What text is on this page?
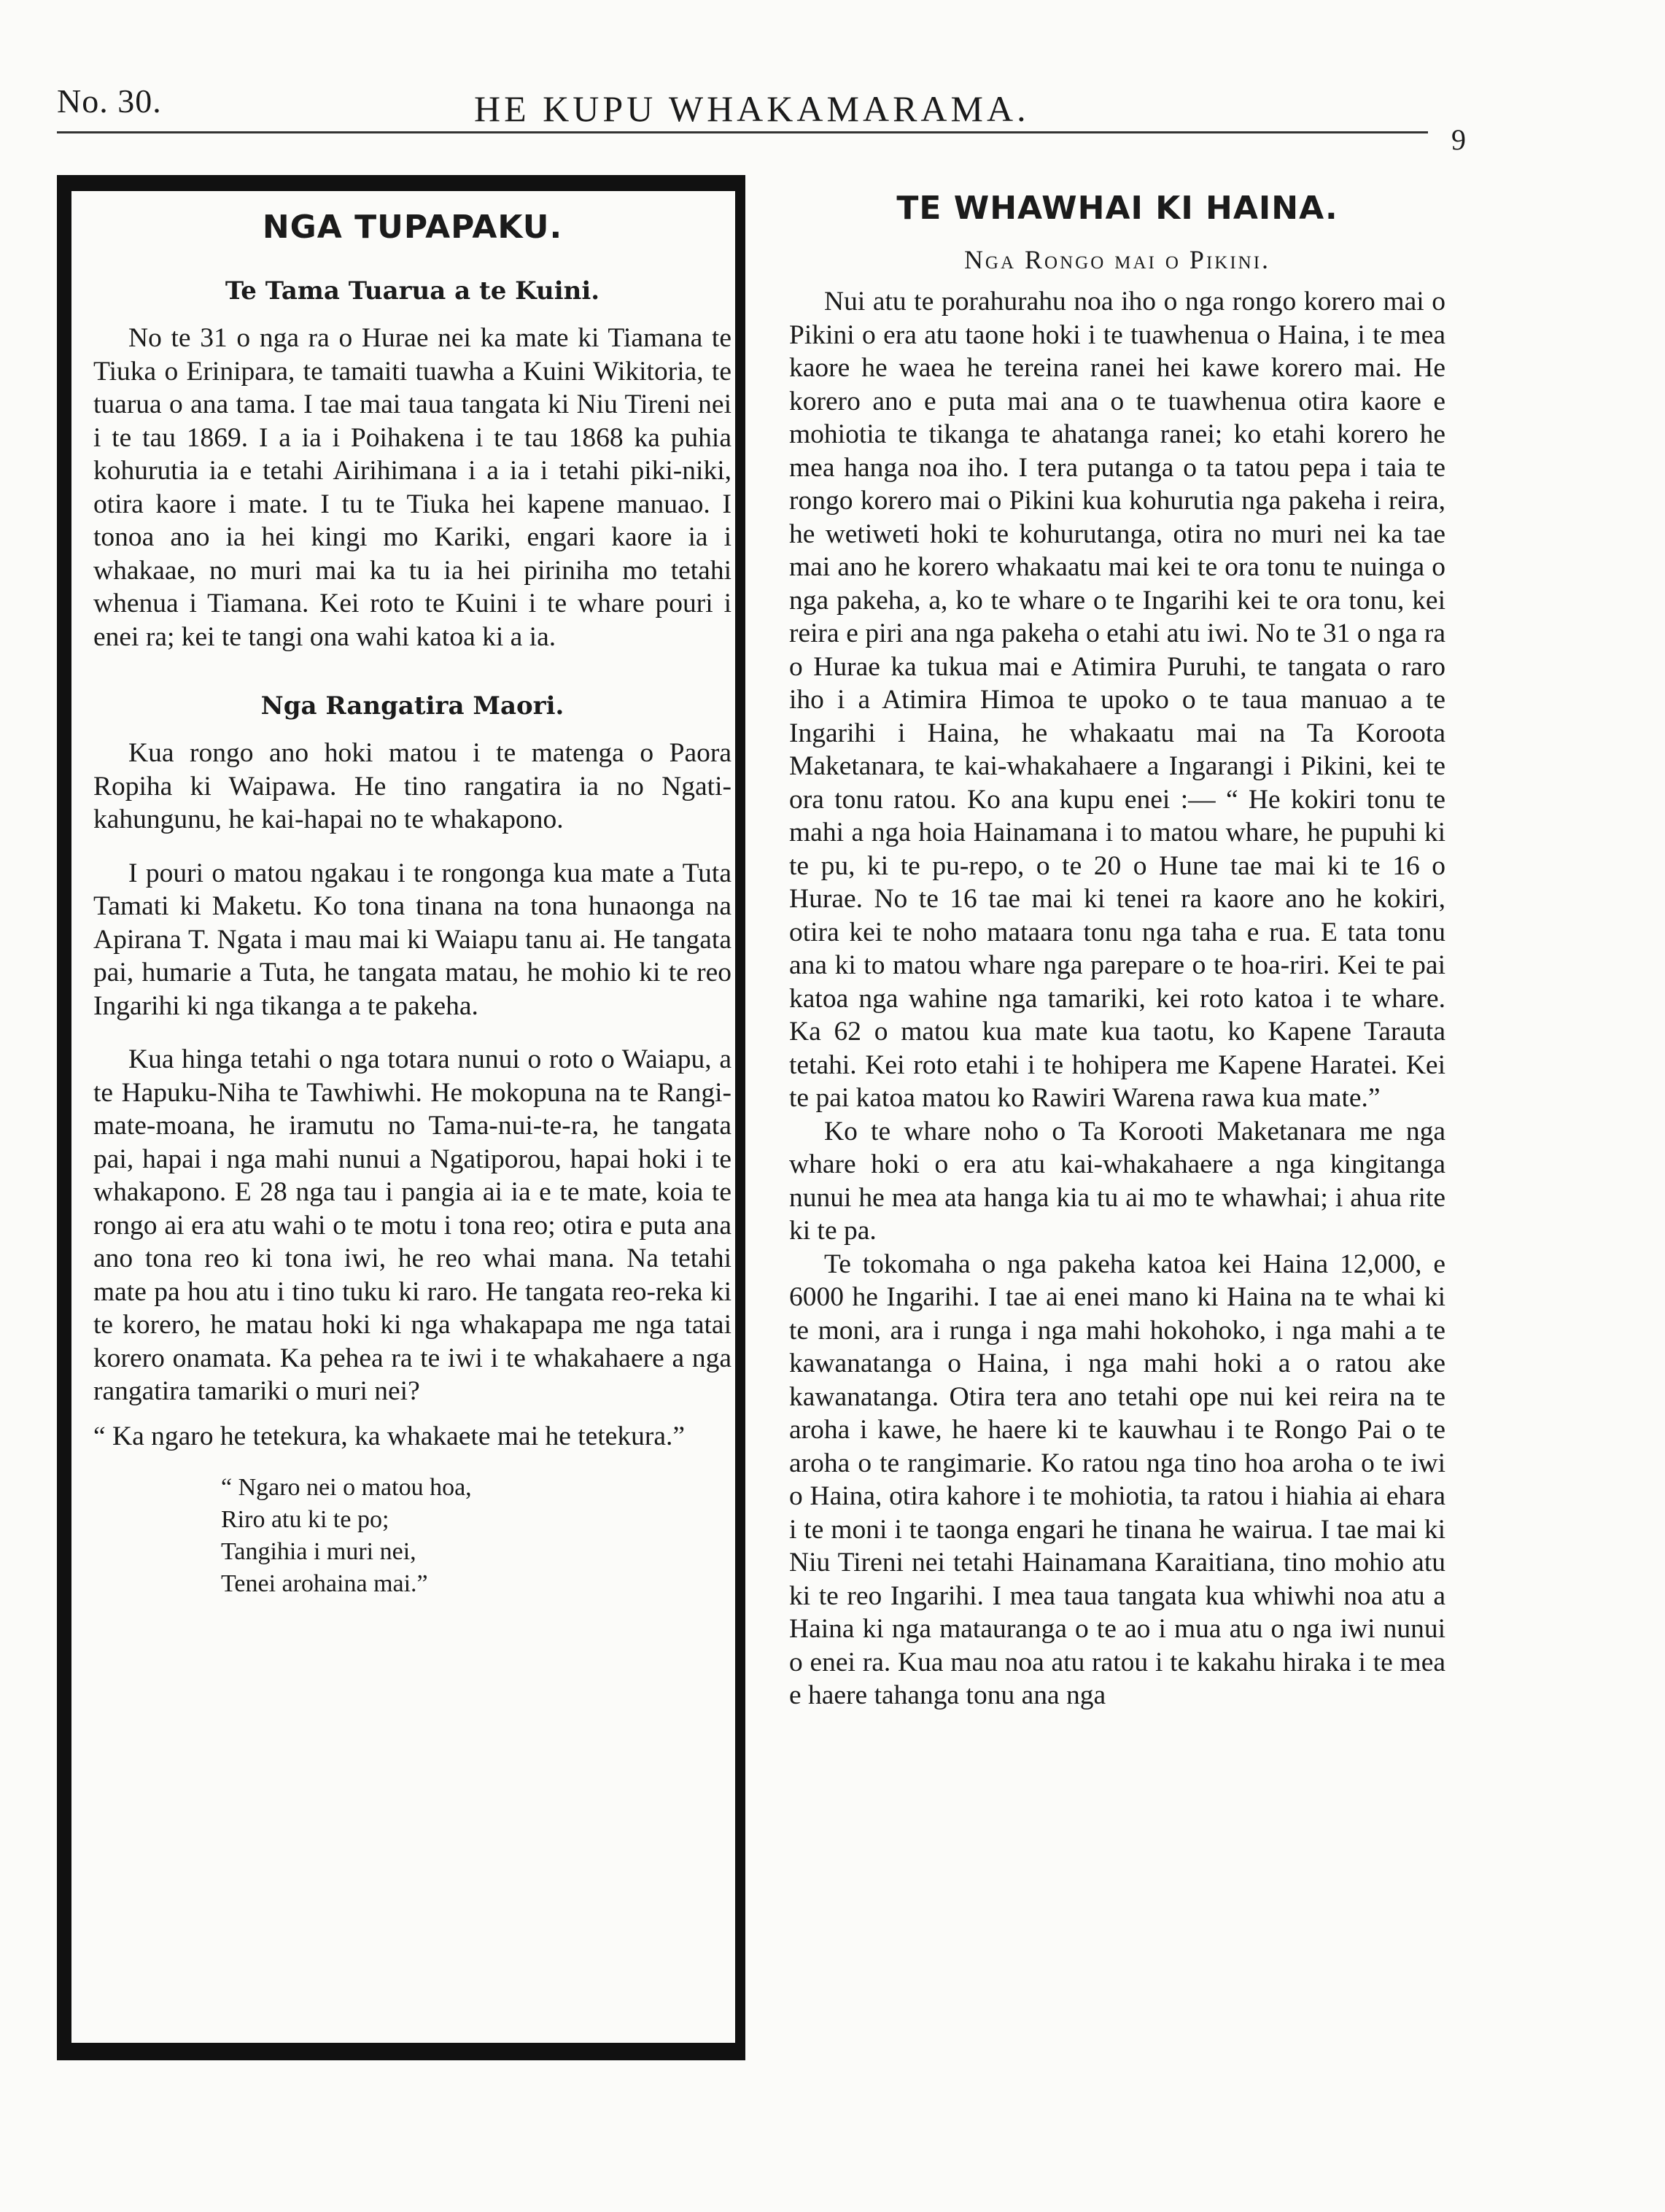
No. 30.	HE KUPU WHAKAMARAMA.
9

NGA TUPAPAKU.

Te Tama Tuarua a te Kuini.

No te 31 o nga ra o Hurae nei ka mate ki Tiamana te Tiuka o Erinipara, te tamaiti tuawha a Kuini Wikitoria, te tuarua o ana tama. I tae mai taua tangata ki Niu Tireni nei i te tau 1869. I a ia i Poihakena i te tau 1868 ka puhia kohurutia ia e tetahi Airihimana i a ia i tetahi piki-niki, otira kaore i mate. I tu te Tiuka hei kapene manuao. I tonoa ano ia hei kingi mo Kariki, engari kaore ia i whakaae, no muri mai ka tu ia hei piriniha mo tetahi whenua i Tiamana. Kei roto te Kuini i te whare pouri i enei ra; kei te tangi ona wahi katoa ki a ia.

Nga Rangatira Maori.

Kua rongo ano hoki matou i te matenga o Paora Ropiha ki Waipawa. He tino rangatira ia no Ngati-kahungunu, he kai-hapai no te whakapono.

I pouri o matou ngakau i te rongonga kua mate a Tuta Tamati ki Maketu. Ko tona tinana na tona hunaonga na Apirana T. Ngata i mau mai ki Waiapu tanu ai. He tangata pai, humarie a Tuta, he tangata matau, he mohio ki te reo Ingarihi ki nga tikanga a te pakeha.

Kua hinga tetahi o nga totara nunui o roto o Waiapu, a te Hapuku-Niha te Tawhiwhi. He mokopuna na te Rangi-mate-moana, he iramutu no Tama-nui-te-ra, he tangata pai, hapai i nga mahi nunui a Ngatiporou, hapai hoki i te whakapono. E 28 nga tau i pangia ai ia e te mate, koia te rongo ai era atu wahi o te motu i tona reo; otira e puta ana ano tona reo ki tona iwi, he reo whai mana. Na tetahi mate pa hou atu i tino tuku ki raro. He tangata reo-reka ki te korero, he matau hoki ki nga whakapapa me nga tatai korero onamata. Ka pehea ra te iwi i te whakahaere a nga rangatira tamariki o muri nei?

“ Ka ngaro he tetekura, ka whakaete mai he tetekura.”

“ Ngaro nei o matou hoa,

Riro atu ki te po;

Tangihia i muri nei,

Tenei arohaina mai.”

TE WHAWHAI KI HAINA.

Nga Rongo mai o Pikini.

Nui atu te porahurahu noa iho o nga rongo korero mai o Pikini o era atu taone hoki i te tuawhenua o Haina, i te mea kaore he waea he tereina ranei hei kawe korero mai. He korero ano e puta mai ana o te tuawhenua otira kaore e mohiotia te tikanga te ahatanga ranei; ko etahi korero he mea hanga noa iho. I tera putanga o ta tatou pepa i taia te rongo korero mai o Pikini kua kohurutia nga pakeha i reira, he wetiweti hoki te kohurutanga, otira no muri nei ka tae mai ano he korero whakaatu mai kei te ora tonu te nuinga o nga pakeha, a, ko te whare o te Ingarihi kei te ora tonu, kei reira e piri ana nga pakeha o etahi atu iwi. No te 31 o nga ra o Hurae ka tukua mai e Atimira Puruhi, te tangata o raro iho i a Atimira Himoa te upoko o te taua manuao a te Ingarihi i Haina, he whakaatu mai na Ta Koroota Maketanara, te kai-whakahaere a Ingarangi i Pikini, kei te ora tonu ratou. Ko ana kupu enei :— “ He kokiri tonu te mahi a nga hoia Hainamana i to matou whare, he pupuhi ki te pu, ki te pu-repo, o te 20 o Hune tae mai ki te 16 o Hurae. No te 16 tae mai ki tenei ra kaore ano he kokiri, otira kei te noho mataara tonu nga taha e rua. E tata tonu ana ki to matou whare nga parepare o te hoa-riri. Kei te pai katoa nga wahine nga tamariki, kei roto katoa i te whare. Ka 62 o matou kua mate kua taotu, ko Kapene Tarauta tetahi. Kei roto etahi i te hohipera me Kapene Haratei. Kei te pai katoa matou ko Rawiri Warena rawa kua mate.”

Ko te whare noho o Ta Korooti Maketanara me nga whare hoki o era atu kai-whakahaere a nga kingitanga nunui he mea ata hanga kia tu ai mo te whawhai; i ahua rite ki te pa.

Te tokomaha o nga pakeha katoa kei Haina 12,000, e 6000 he Ingarihi. I tae ai enei mano ki Haina na te whai ki te moni, ara i runga i nga mahi hokohoko, i nga mahi a te kawanatanga o Haina, i nga mahi hoki a o ratou ake kawanatanga. Otira tera ano tetahi ope nui kei reira na te aroha i kawe, he haere ki te kauwhau i te Rongo Pai o te aroha o te rangimarie. Ko ratou nga tino hoa aroha o te iwi o Haina, otira kahore i te mohiotia, ta ratou i hiahia ai ehara i te moni i te taonga engari he tinana he wairua. I tae mai ki Niu Tireni nei tetahi Hainamana Karaitiana, tino mohio atu ki te reo Ingarihi. I mea taua tangata kua whiwhi noa atu a Haina ki nga matauranga o te ao i mua atu o nga iwi nunui o enei ra. Kua mau noa atu ratou i te kakahu hiraka i te mea e haere tahanga tonu ana nga
